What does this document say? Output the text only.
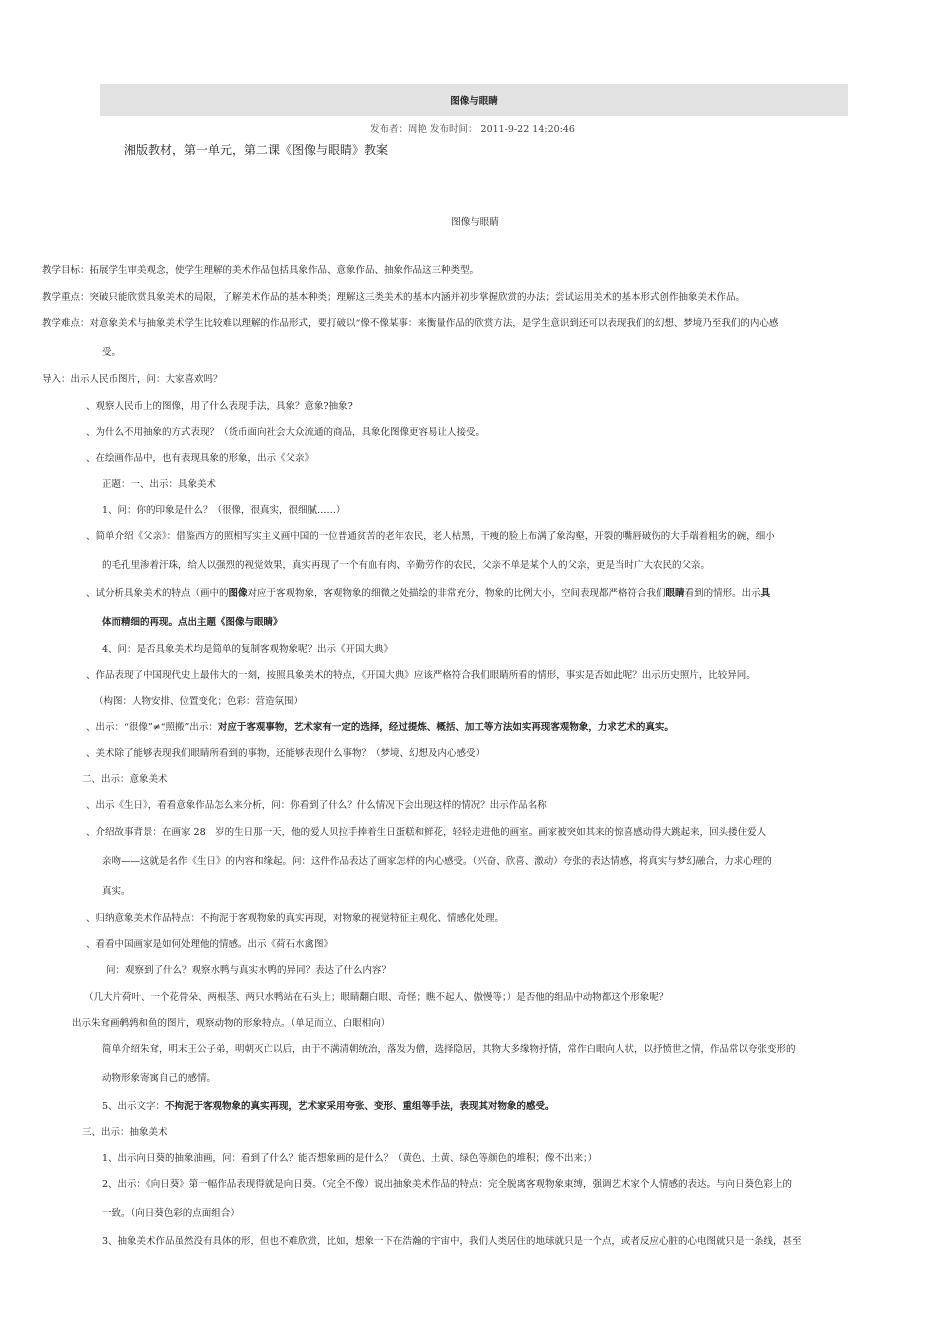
图像与眼睛
发布者：周艳 发布时间： 2011-9-22 14:20:46
湘版教材，第一单元，第二课《图像与眼睛》教案
图像与眼睛
教学目标：拓展学生审美观念，使学生理解的美术作品包括具象作品、意象作品、抽象作品这三种类型。
教学重点：突破只能欣赏具象美术的局限，了解美术作品的基本种类；理解这三类美术的基本内涵并初步掌握欣赏的办法；尝试运用美术的基本形式创作抽象美术作品。
教学难点：对意象美术与抽象美术学生比较难以理解的作品形式，要打破以“像不像某事：来衡量作品的欣赏方法，是学生意识到还可以表现我们的幻想、梦境乃至我们的内心感
受。
导入：出示人民币图片，问：大家喜欢吗？
、观察人民币上的图像，用了什么表现手法，具象？意象?抽象?
、为什么不用抽象的方式表现？（货币面向社会大众流通的商品，具象化图像更容易让人接受。
、在绘画作品中，也有表现具象的形象，出示《父亲》
正题：一、出示：具象美术
1、问：你的印象是什么？（很像，很真实，很细腻……）
、简单介绍《父亲》：借鉴西方的照相写实主义画中国的一位普通贫苦的老年农民，老人枯黑，干瘦的脸上布满了象沟壑，开裂的嘴唇破伤的大手端着粗劣的碗，细小
的毛孔里渗着汗珠，给人以强烈的视觉效果，真实再现了一个有血有肉、辛勤劳作的农民，父亲不单是某个人的父亲，更是当时广大农民的父亲。
、试分析具象美术的特点（画中的图像对应于客观物象，客观物象的细微之处描绘的非常充分，物象的比例大小，空间表现都严格符合我们眼睛看到的情形。出示具
体而精细的再现。点出主题《图像与眼睛》
4、问：是否具象美术均是简单的复制客观物象呢？出示《开国大典》
、作品表现了中国现代史上最伟大的一刻，按照具象美术的特点，《开国大典》应该严格符合我们眼睛所看的情形，事实是否如此呢？出示历史照片，比较异同。
（构图：人物安排、位置变化；色彩：营造氛围）
、出示：“很像”≠“照搬”出示：对应于客观事物，艺术家有一定的选择，经过提炼、概括、加工等方法如实再现客观物象，力求艺术的真实。
、美术除了能够表现我们眼睛所看到的事物，还能够表现什么事物？（梦境、幻想及内心感受）
二、出示：意象美术
、出示《生日》，看看意象作品怎么来分析，问：你看到了什么？什么情况下会出现这样的情况？出示作品名称
、介绍故事背景：在画家 28　岁的生日那一天，他的爱人贝拉手捧着生日蛋糕和鲜花，轻轻走进他的画室。画家被突如其来的惊喜感动得大跳起来，回头搂住爱人
亲吻——这就是名作《生日》的内容和缘起。问：这件作品表达了画家怎样的内心感受。（兴奋、欣喜、激动）夸张的表达情感，将真实与梦幻融合，力求心理的
真实。
、归纳意象美术作品特点：不拘泥于客观物象的真实再现，对物象的视觉特征主观化、情感化处理。
、看看中国画家是如何处理他的情感。出示《荷石水禽图》
问：观察到了什么？观察水鸭与真实水鸭的异同？表达了什么内容？
（几大片荷叶、一个花骨朵、两根茎、两只水鸭站在石头上；眼睛翻白眼、奇怪；瞧不起人、傲慢等；）是否他的组品中动物都这个形象呢？
出示朱耷画鹌鹑和鱼的图片，观察动物的形象特点。（单足而立、白眼相向）
简单介绍朱耷，明末王公子弟，明朝灭亡以后，由于不满清朝统治，落发为僧，选择隐居，其物大多缘物抒情，常作白眼向人状，以抒愤世之情，作品常以夸张变形的
动物形象寄寓自己的感情。
5、出示文字：不拘泥于客观物象的真实再现，艺术家采用夸张、变形、重组等手法，表现其对物象的感受。
三、出示：抽象美术
1、出示向日葵的抽象油画，问：看到了什么？能否想象画的是什么？（黄色、土黄、绿色等颜色的堆积；像不出来；）
2、出示：《向日葵》第一幅作品表现得就是向日葵。（完全不像）说出抽象美术作品的特点：完全脱离客观物象束缚，强调艺术家个人情感的表达。与向日葵色彩上的
一致。（向日葵色彩的点面组合）
3、抽象美术作品虽然没有具体的形，但也不难欣赏，比如，想象一下在浩瀚的宇宙中，我们人类居住的地球就只是一个点，或者反应心脏的心电图就只是一条线，甚至
